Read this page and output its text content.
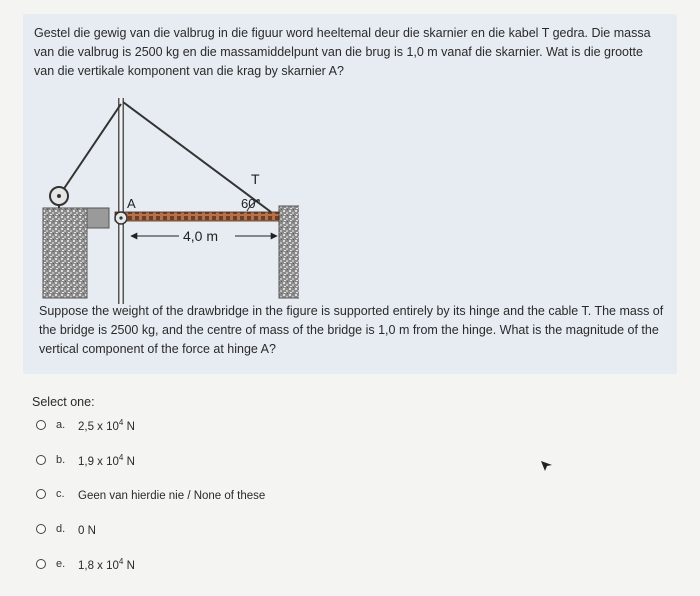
Gestel die gewig van die valbrug in die figuur word heeltemal deur die skarnier en die kabel T gedra. Die massa van die valbrug is 2500 kg en die massamiddelpunt van die brug is 1,0 m vanaf die skarnier. Wat is die grootte van die vertikale komponent van die krag by skarnier A?

T
60°
A
4,0 m

Suppose the weight of the drawbridge in the figure is supported entirely by its hinge and the cable T. The mass of the bridge is 2500 kg, and the centre of mass of the bridge is 1,0 m from the hinge. What is the magnitude of the vertical component of the force at hinge A?

Select one:
a.	2,5 x $10^4$ N
b.	1,9 x $10^4$ N
c.	Geen van hierdie nie / None of these
d.	0 N
e.	1,8 x $10^4$ N
